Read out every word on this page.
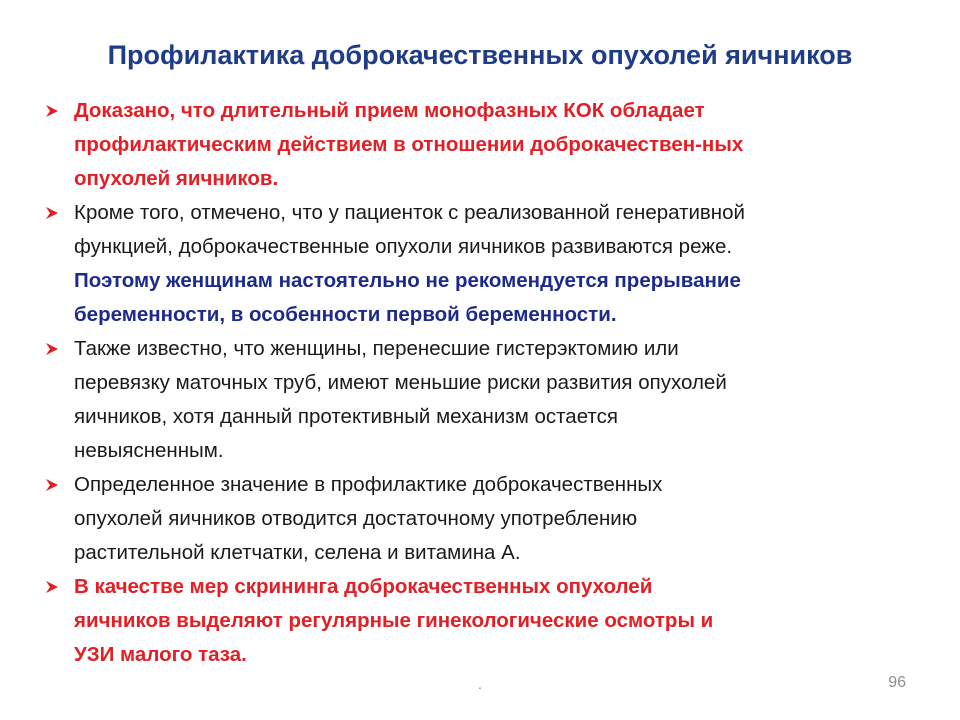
Профилактика доброкачественных опухолей яичников
Доказано, что длительный прием монофазных КОК обладает
профилактическим действием в отношении доброкачествен-ных
опухолей яичников.
Кроме того, отмечено, что у пациенток с реализованной генеративной
функцией, доброкачественные опухоли яичников развиваются реже.
Поэтому женщинам настоятельно не рекомендуется прерывание
беременности, в особенности первой беременности.
Также известно, что женщины, перенесшие гистерэктомию или
перевязку маточных труб, имеют меньшие риски развития опухолей
яичников, хотя данный протективный механизм остается
невыясненным.
Определенное значение в профилактике доброкачественных
опухолей яичников отводится достаточному употреблению
растительной клетчатки, селена и витамина А.
В качестве мер скрининга доброкачественных опухолей
яичников выделяют регулярные гинекологические осмотры и
УЗИ малого таза.
.	96
